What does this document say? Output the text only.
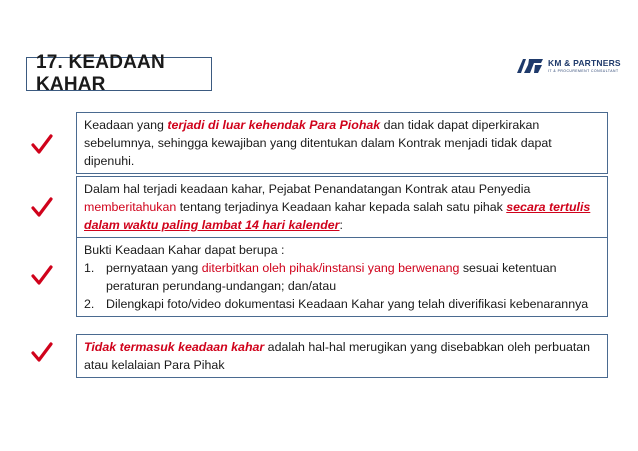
17. KEADAAN KAHAR
KM & PARTNERS
IT & PROCUREMENT CONSULTANT
Keadaan yang terjadi di luar kehendak Para Piohak dan tidak dapat diperkirakan sebelumnya, sehingga kewajiban yang ditentukan dalam Kontrak menjadi tidak dapat dipenuhi.
Dalam hal terjadi keadaan kahar, Pejabat Penandatangan Kontrak atau Penyedia memberitahukan tentang terjadinya Keadaan kahar kepada salah satu pihak secara tertulis dalam waktu paling lambat 14 hari kalender:
Bukti Keadaan Kahar dapat berupa :
1. pernyataan yang diterbitkan oleh pihak/instansi yang berwenang sesuai ketentuan peraturan perundang-undangan; dan/atau
2. Dilengkapi foto/video dokumentasi Keadaan Kahar yang telah diverifikasi kebenarannya
Tidak termasuk keadaan kahar adalah hal-hal merugikan yang disebabkan oleh perbuatan atau kelalaian Para Pihak
